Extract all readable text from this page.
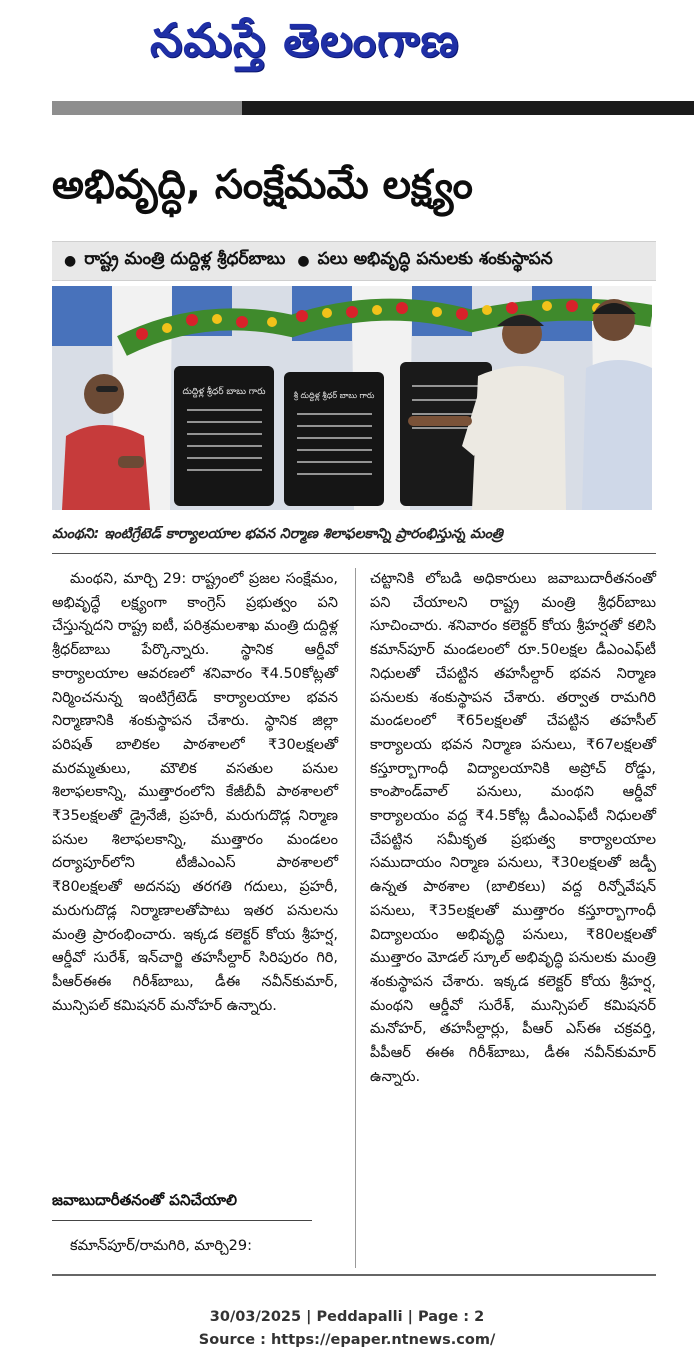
నమస్తే తెలంగాణ
అభివృద్ధి, సంక్షేమమే లక్ష్యం
● రాష్ట్ర మంత్రి దుద్దిళ్ల శ్రీధర్‌బాబు ● పలు అభివృద్ధి పనులకు శంకుస్థాపన
దుద్దిళ్ల శ్రీధర్ బాబు గారు	శ్రీ దుద్దిళ్ల శ్రీధర్ బాబు గారు
మంథని: ఇంటిగ్రేటెడ్ కార్యాలయాల భవన నిర్మాణ శిలాఫలకాన్ని ప్రారంభిస్తున్న మంత్రి

మంథని, మార్చి 29: రాష్ట్రంలో ప్రజల సంక్షేమం, అభివృద్ధే లక్ష్యంగా కాంగ్రెస్ ప్రభుత్వం పని చేస్తున్నదని రాష్ట్ర ఐటీ, పరిశ్రమలశాఖ మంత్రి దుద్దిళ్ల శ్రీధర్‌బాబు పేర్కొన్నారు. స్థానిక ఆర్డీవో కార్యాలయాల ఆవరణలో శనివారం ₹4.50కోట్లతో నిర్మించనున్న ఇంటిగ్రేటెడ్ కార్యాలయాల భవన నిర్మాణానికి శంకుస్థాపన చేశారు. స్థానిక జిల్లా పరిషత్ బాలికల పాఠశాలలో ₹30లక్షలతో మరమ్మతులు, మౌలిక వసతుల పనుల శిలాఫలకాన్ని, ముత్తారంలోని కేజీబీవీ పాఠశాలలో ₹35లక్షలతో డ్రైనేజీ, ప్రహరీ, మరుగుదొడ్ల నిర్మాణ పనుల శిలాఫలకాన్ని, ముత్తారం మండలం దర్యాపూర్‌లోని టీజీఎంఎస్ పాఠశాలలో ₹80లక్షలతో అదనపు తరగతి గదులు, ప్రహరీ, మరుగుదొడ్ల నిర్మాణాలతోపాటు ఇతర పనులను మంత్రి ప్రారంభించారు. ఇక్కడ కలెక్టర్ కోయ శ్రీహర్ష, ఆర్డీవో సురేశ్, ఇన్‌చార్జి తహసీల్దార్ సిరిపురం గిరి, పీఆర్‌ఈఈ గిరీశ్‌బాబు, డీఈ నవీన్‌కుమార్, మున్సిపల్ కమిషనర్ మనోహర్ ఉన్నారు.

చట్టానికి లోబడి అధికారులు జవాబుదారీతనంతో పని చేయాలని రాష్ట్ర మంత్రి శ్రీధర్‌బాబు సూచించారు. శనివారం కలెక్టర్ కోయ శ్రీహర్షతో కలిసి కమాన్‌పూర్ మండలంలో రూ.50లక్షల డీఎంఎఫ్‌టీ నిధులతో చేపట్టిన తహసీల్దార్ భవన నిర్మాణ పనులకు శంకుస్థాపన చేశారు. తర్వాత రామగిరి మండలంలో ₹65లక్షలతో చేపట్టిన తహసీల్ కార్యాలయ భవన నిర్మాణ పనులు, ₹67లక్షలతో కస్తూర్బాగాంధీ విద్యాలయానికి అప్రోచ్ రోడ్డు, కాంపౌండ్‌వాల్ పనులు, మంథని ఆర్డీవో కార్యాలయం వద్ద ₹4.5కోట్ల డీఎంఎఫ్‌టీ నిధులతో చేపట్టిన సమీకృత ప్రభుత్వ కార్యాలయాల సముదాయం నిర్మాణ పనులు, ₹30లక్షలతో జడ్పీ ఉన్నత పాఠశాల (బాలికలు) వద్ద రిన్నోవేషన్ పనులు, ₹35లక్షలతో ముత్తారం కస్తూర్బాగాంధీ విద్యాలయం అభివృద్ధి పనులు, ₹80లక్షలతో ముత్తారం మోడల్ స్కూల్ అభివృద్ధి పనులకు మంత్రి శంకుస్థాపన చేశారు. ఇక్కడ కలెక్టర్ కోయ శ్రీహర్ష, మంథని ఆర్డీవో సురేశ్, మున్సిపల్ కమిషనర్ మనోహర్, తహసీల్దార్లు, పీఆర్ ఎస్‌ఈ చక్రవర్తి, పీపీఆర్ ఈఈ గిరీశ్‌బాబు, డీఈ నవీన్‌కుమార్ ఉన్నారు.

జవాబుదారీతనంతో పనిచేయాలి
కమాన్‌పూర్/రామగిరి, మార్చి29:
30/03/2025 | Peddapalli | Page : 2
Source : https://epaper.ntnews.com/
